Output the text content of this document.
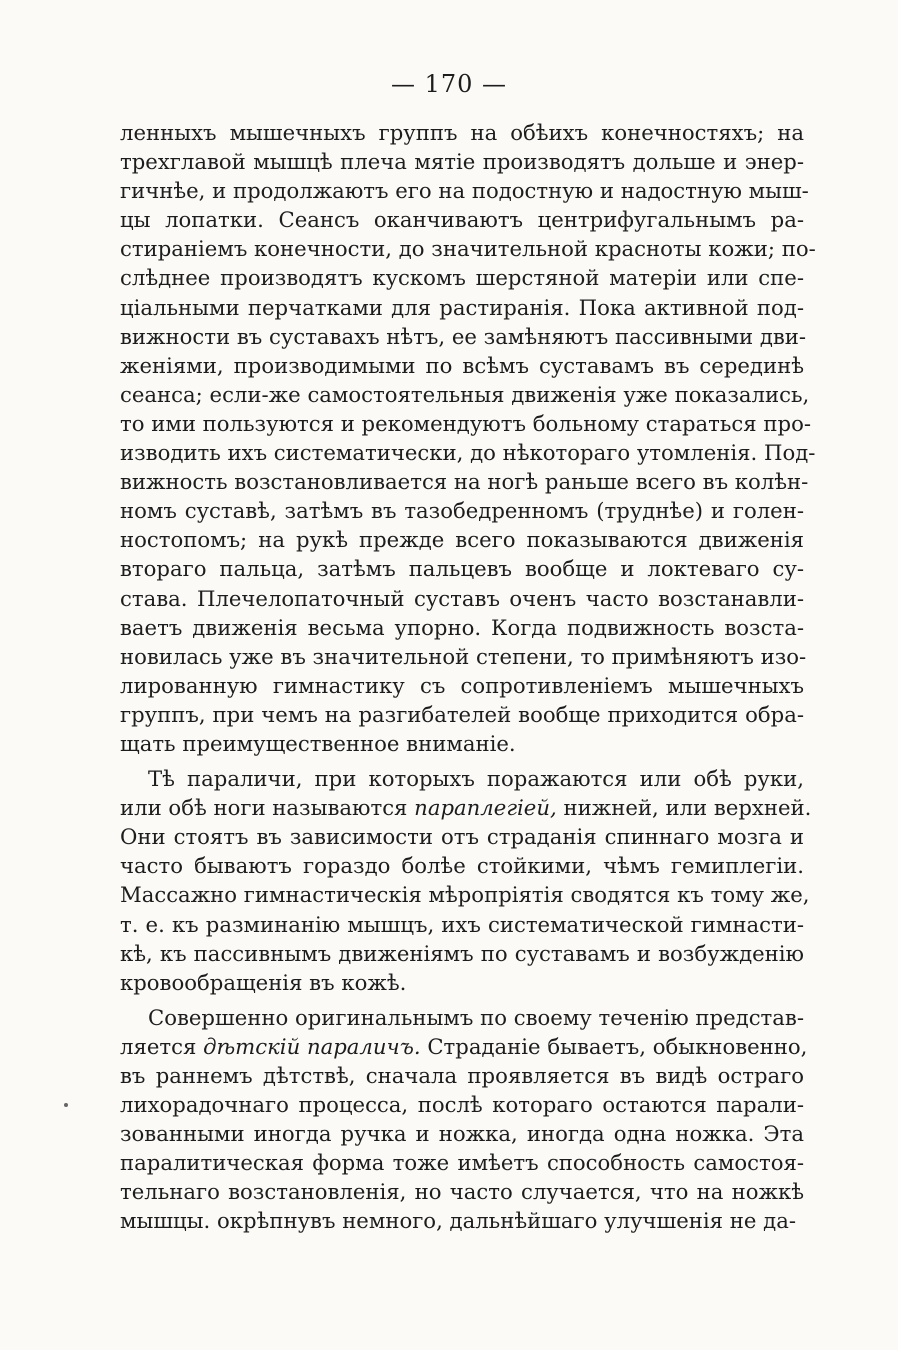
— 170 —
ленныхъ мышечныхъ группъ на обѣихъ конечностяхъ; на
трехглавой мышцѣ плеча мятіе производятъ дольше и энер-
гичнѣе, и продолжаютъ его на подостную и надостную мыш-
цы лопатки. Сеансъ оканчиваютъ центрифугальнымъ ра-
стираніемъ конечности, до значительной красноты кожи; по-
слѣднее производятъ кускомъ шерстяной матеріи или спе-
ціальными перчатками для растиранія. Пока активной под-
вижности въ суставахъ нѣтъ, ее замѣняютъ пассивными дви-
женіями, производимыми по всѣмъ суставамъ въ серединѣ
сеанса; если-же самостоятельныя движенія уже показались,
то ими пользуются и рекомендуютъ больному стараться про-
изводить ихъ систематически, до нѣкотораго утомленія. Под-
вижность возстановливается на ногѣ раньше всего въ колѣн-
номъ суставѣ, затѣмъ въ тазобедренномъ (труднѣе) и голен-
ностопомъ; на рукѣ прежде всего показываются движенія
втораго пальца, затѣмъ пальцевъ вообще и локтеваго су-
става. Плечелопаточный суставъ оченъ часто возстанавли-
ваетъ движенія весьма упорно. Когда подвижность возста-
новилась уже въ значительной степени, то примѣняютъ изо-
лированную гимнастику съ сопротивленіемъ мышечныхъ
группъ, при чемъ на разгибателей вообще приходится обра-
щать преимущественное вниманіе.
Тѣ параличи, при которыхъ поражаются или обѣ руки,
или обѣ ноги называются параплегіей, нижней, или верхней.
Они стоятъ въ зависимости отъ страданія спиннаго мозга и
часто бываютъ гораздо болѣе стойкими, чѣмъ гемиплегіи.
Массажно гимнастическія мѣропріятія сводятся къ тому же,
т. е. къ разминанію мышцъ, ихъ систематической гимнасти-
кѣ, къ пассивнымъ движеніямъ по суставамъ и возбужденію
кровообращенія въ кожѣ.
Совершенно оригинальнымъ по своему теченію представ-
ляется дѣтскій параличъ. Страданіе бываетъ, обыкновенно,
въ раннемъ дѣтствѣ, сначала проявляется въ видѣ остраго
лихорадочнаго процесса, послѣ котораго остаются парали-
зованными иногда ручка и ножка, иногда одна ножка. Эта
паралитическая форма тоже имѣетъ способность самостоя-
тельнаго возстановленія, но часто случается, что на ножкѣ
мышцы. окрѣпнувъ немного, дальнѣйшаго улучшенія не да-
